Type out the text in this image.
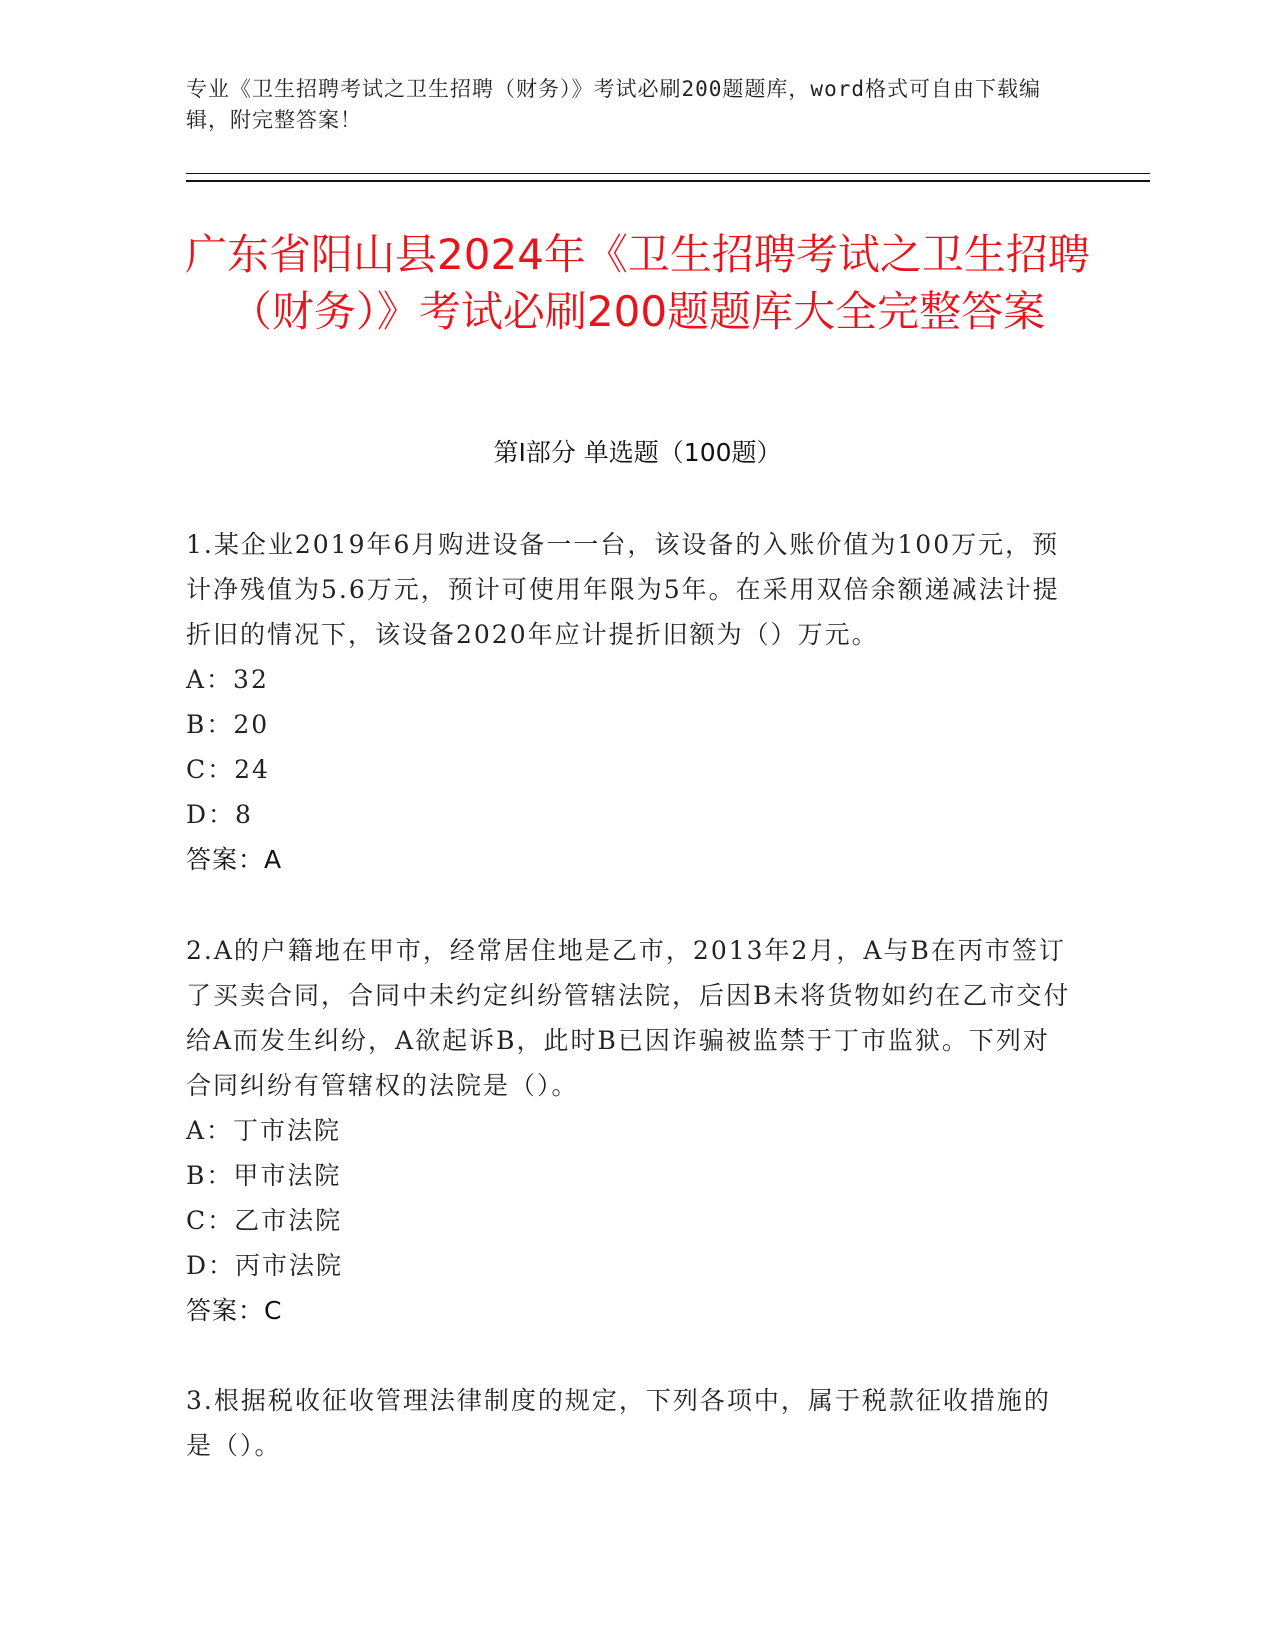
专业《卫生招聘考试之卫生招聘（财务）》考试必刷200题题库，word格式可自由下载编辑，附完整答案！
广东省阳山县2024年《卫生招聘考试之卫生招聘（财务）》考试必刷200题题库大全完整答案
第I部分 单选题（100题）
1.某企业2019年6月购进设备一一台，该设备的入账价值为100万元，预计净残值为5.6万元，预计可使用年限为5年。在采用双倍余额递减法计提折旧的情况下，该设备2020年应计提折旧额为（）万元。
A：32
B：20
C：24
D：8
答案：A
2.A的户籍地在甲市，经常居住地是乙市，2013年2月，A与B在丙市签订了买卖合同，合同中未约定纠纷管辖法院，后因B未将货物如约在乙市交付给A而发生纠纷，A欲起诉B，此时B已因诈骗被监禁于丁市监狱。下列对合同纠纷有管辖权的法院是（）。
A：丁市法院
B：甲市法院
C：乙市法院
D：丙市法院
答案：C
3.根据税收征收管理法律制度的规定，下列各项中，属于税款征收措施的是（）。
